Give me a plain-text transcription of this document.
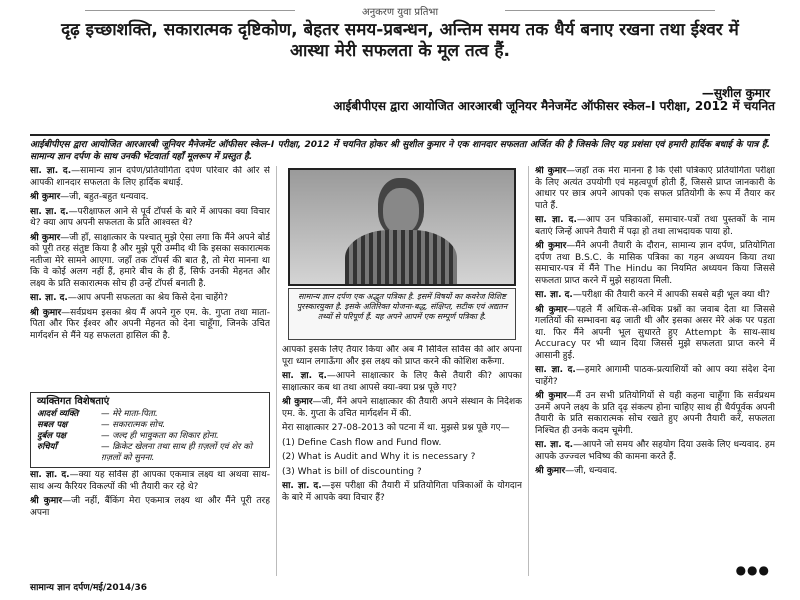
अनुकरण युवा प्रतिभा
दृढ़ इच्छाशक्ति, सकारात्मक दृष्टिकोण, बेहतर समय-प्रबन्धन, अन्तिम समय तक धैर्य बनाए रखना तथा ईश्वर में आस्था मेरी सफलता के मूल तत्व हैं.
—सुशील कुमार
आईबीपीएस द्वारा आयोजित आरआरबी जूनियर मैनेजमेंट ऑफीसर स्केल–I परीक्षा, 2012 में चयनित
आईबीपीएस द्वारा आयोजित आरआरबी जूनियर मैनेजमेंट ऑफीसर स्केल–I परीक्षा, 2012 में चयनित होकर श्री सुशील कुमार ने एक शानदार सफलता अर्जित की है जिसके लिए यह प्रशंसा एवं हमारी हार्दिक बधाई के पात्र हैं. सामान्य ज्ञान दर्पण के साथ उनकी भेंटवार्ता यहाँ मूलरूप में प्रस्तुत है.

सा. ज्ञा. द.—सामान्य ज्ञान दर्पण/प्रतियोगिता दर्पण परिवार की ओर से आपकी शानदार सफलता के लिए हार्दिक बधाई.

श्री कुमार—जी, बहुत-बहुत धन्यवाद.

सा. ज्ञा. द.—परीक्षाफल आने से पूर्व टॉपर्स के बारे में आपका क्या विचार थे? क्या आप अपनी सफलता के प्रति आश्वस्त थे?

श्री कुमार—जी हाँ, साक्षात्कार के पश्चात् मुझे ऐसा लगा कि मैंने अपने बोर्ड को पूरी तरह संतुष्ट किया है और मुझे पूरी उम्मीद थी कि इसका सकारात्मक नतीजा मेरे सामने आएगा. जहाँ तक टॉपर्स की बात है, तो मेरा मानना था कि वे कोई अलग नहीं हैं, हमारे बीच के ही हैं, सिर्फ उनकी मेहनत और लक्ष्य के प्रति सकारात्मक सोच ही उन्हें टॉपर्स बनाती है.

सा. ज्ञा. द.—आप अपनी सफलता का श्रेय किसे देना चाहेंगे?

श्री कुमार—सर्वप्रथम इसका श्रेय मैं अपने गुरु एम. के. गुप्ता तथा माता-पिता और फिर ईश्वर और अपनी मेहनत को देना चाहूँगा, जिनके उचित मार्गदर्शन से मैंने यह सफलता हासिल की है.

व्यक्तिगत विशेषताएं
आदर्श व्यक्ति	— मेरे माता-पिता.
सबल पक्ष	— सकारात्मक सोच.
दुर्बल पक्ष	— जल्द ही भावुकता का शिकार होना.
रुचियाँ	— क्रिकेट खेलना तथा साथ ही ग़ज़लों एवं शेर को ग़ज़लों को सुनना.

सा. ज्ञा. द.—क्या यह सर्विस ही आपका एकमात्र लक्ष्य था अथवा साथ-साथ अन्य कैरियर विकल्पों की भी तैयारी कर रहे थे?

श्री कुमार—जी नहीं, बैंकिंग मेरा एकमात्र लक्ष्य था और मैंने पूरी तरह अपना

सामान्य ज्ञान दर्पण एक अद्भुत पत्रिका है. इसमें विषयों का कवरेज विशिष्ट पुरस्कारयुक्त है. इसके अतिरिक्त योजना-बद्ध, संक्षिप्त, सटीक एवं अद्यतन तथ्यों से परिपूर्ण हैं. यह अपने आपमें एक सम्पूर्ण पत्रिका है.

आपको इसके लिए तैयार किया और अब मैं सिविल सर्विस की ओर अपना पूरा ध्यान लगाऊँगा और इस लक्ष्य को प्राप्त करने की कोशिश करूँगा.

सा. ज्ञा. द.—आपने साक्षात्कार के लिए कैसे तैयारी की? आपका साक्षात्कार कब था तथा आपसे क्या-क्या प्रश्न पूछे गए?

श्री कुमार—जी, मैंने अपने साक्षात्कार की तैयारी अपने संस्थान के निदेशक एम. के. गुप्ता के उचित मार्गदर्शन में की.

मेरा साक्षात्कार 27-08-2013 को पटना में था. मुझसे प्रश्न पूछे गए—

(1) Define Cash flow and Fund flow.

(2) What is Audit and Why it is necessary ?

(3) What is bill of discounting ?

सा. ज्ञा. द.—इस परीक्षा की तैयारी में प्रतियोगिता पत्रिकाओं के योगदान के बारे में आपके क्या विचार हैं?

श्री कुमार—जहाँ तक मेरा मानना है कि ऐसी पत्रिकाएं प्रतियोगिता परीक्षा के लिए अत्यंत उपयोगी एवं महत्वपूर्ण होती हैं, जिससे प्राप्त जानकारी के आधार पर छात्र अपने आपको एक सफल प्रतियोगी के रूप में तैयार कर पाते हैं.

सा. ज्ञा. द.—आप उन पत्रिकाओं, समाचार-पत्रों तथा पुस्तकों के नाम बताएं जिन्हें आपने तैयारी में पढ़ा हो तथा लाभदायक पाया हो.

श्री कुमार—मैंने अपनी तैयारी के दौरान, सामान्य ज्ञान दर्पण, प्रतियोगिता दर्पण तथा B.S.C. के मासिक पत्रिका का गहन अध्ययन किया तथा समाचार-पत्र में मैंने The Hindu का नियमित अध्ययन किया जिससे सफलता प्राप्त करने में मुझे सहायता मिली.

सा. ज्ञा. द.—परीक्षा की तैयारी करने में आपकी सबसे बड़ी भूल क्या थी?

श्री कुमार—पहले मैं अधिक-से-अधिक प्रश्नों का जवाब देता था जिससे गलतियों की सम्भावना बढ़ जाती थी और इसका असर मेरे अंक पर पड़ता था. फिर मैंने अपनी भूल सुधारते हुए Attempt के साथ-साथ Accuracy पर भी ध्यान दिया जिससे मुझे सफलता प्राप्त करने में आसानी हुई.

सा. ज्ञा. द.—हमारे आगामी पाठक-प्रत्याशियों को आप क्या संदेश देना चाहेंगे?

श्री कुमार—मैं उन सभी प्रतियोगियों से यही कहना चाहूँगा कि सर्वप्रथम उनमें अपने लक्ष्य के प्रति दृढ़ संकल्प होना चाहिए साथ ही धैर्यपूर्वक अपनी तैयारी के प्रति सकारात्मक सोच रखते हुए अपनी तैयारी करें, सफलता निश्चित ही उनके कदम चूमेगी.

सा. ज्ञा. द.—आपने जो समय और सहयोग दिया उसके लिए धन्यवाद. हम आपके उज्ज्वल भविष्य की कामना करते हैं.

श्री कुमार—जी, धन्यवाद.

●●●
सामान्य ज्ञान दर्पण/मई/2014/36
